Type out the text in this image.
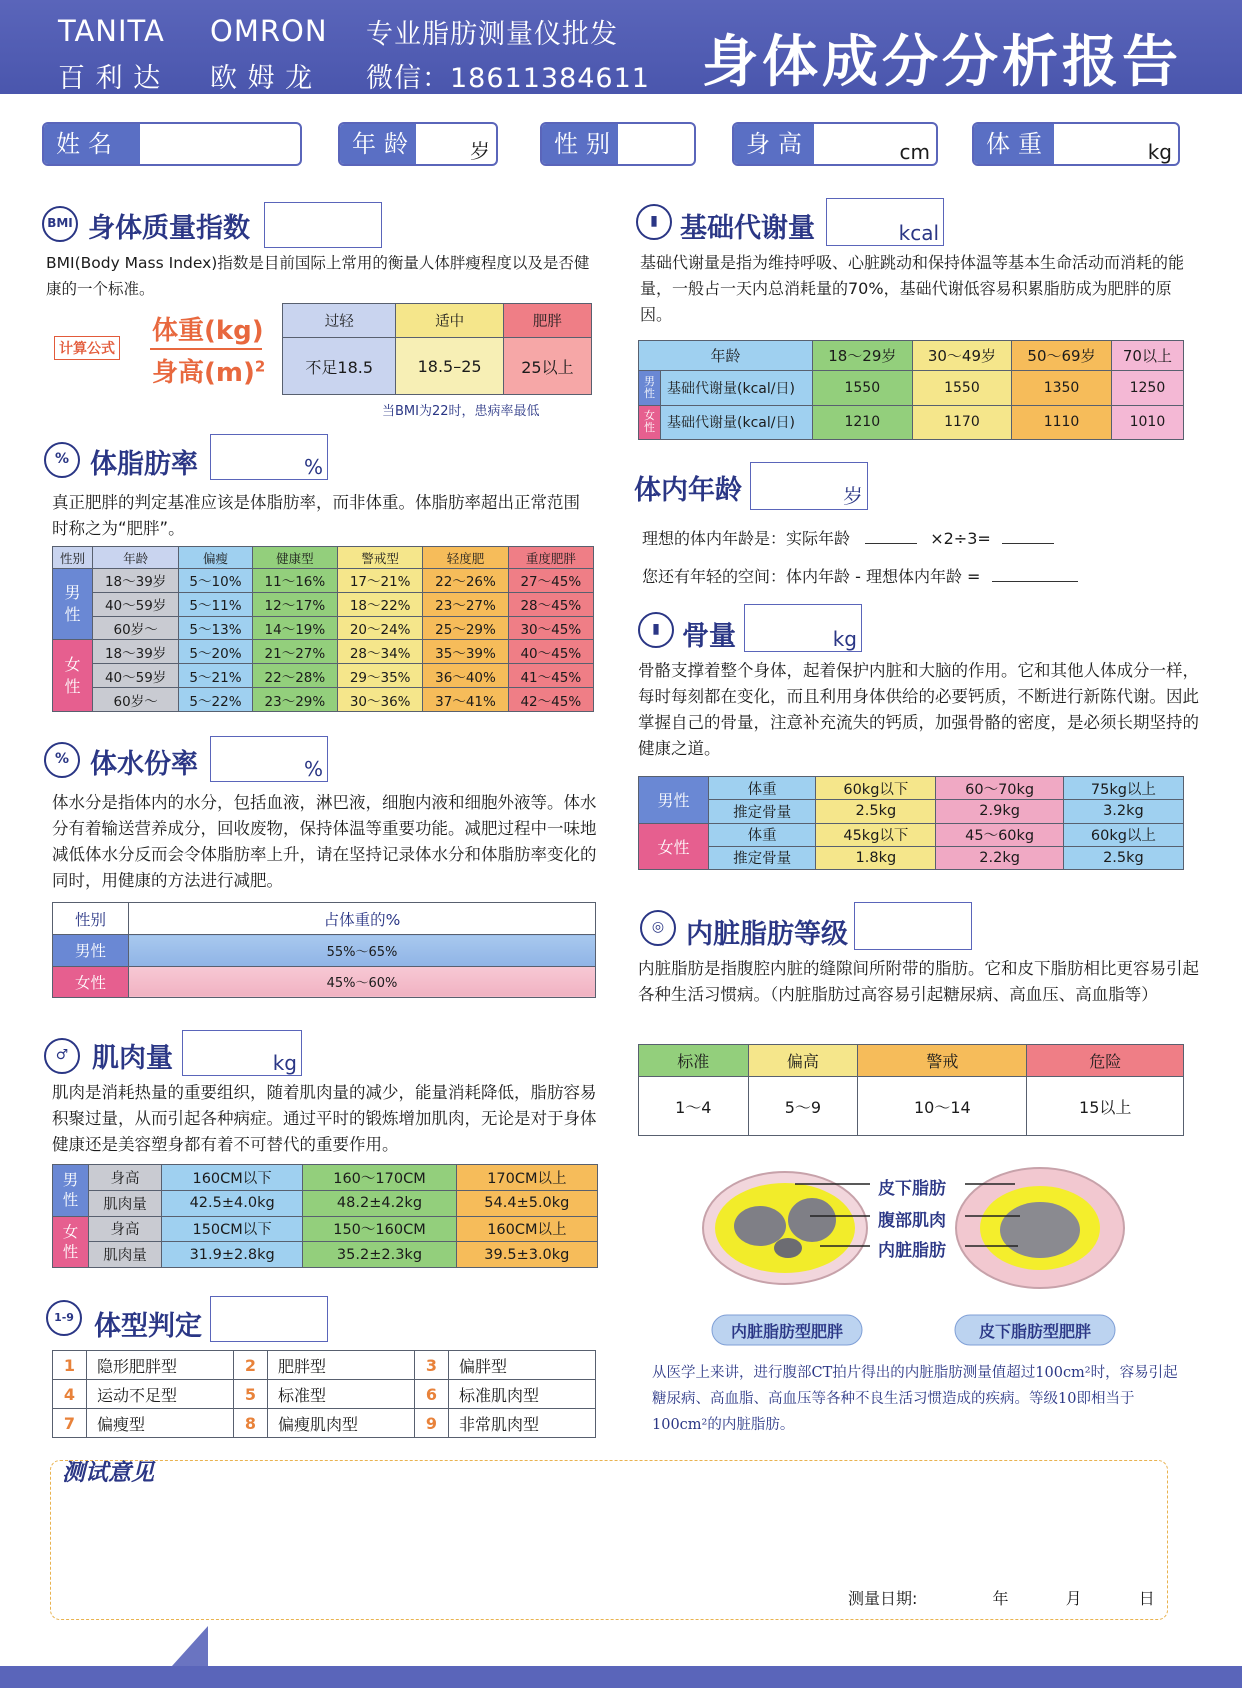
TANITA OMRON 专业脂肪测量仪批发
百 利 达 欧 姆 龙 微信：18611384611 身体成分分析报告
姓名	年龄	岁	性别	身高	cm	体重	kg
BMI 身体质量指数
BMI(Body Mass Index)指数是目前国际上常用的衡量人体胖瘦程度以及是否健康的一个标准。
计算公式
体重(kg)
身高$(m)^2$
过轻	适中	肥胖
不足18.5	18.5–25	25以上
当BMI为22时，患病率最低
% 体脂肪率	%
真正肥胖的判定基准应该是体脂肪率，而非体重。体脂肪率超出正常范围时称之为“肥胖”。
性别	年龄	偏瘦	健康型	警戒型	轻度肥	重度肥胖
男性	18～39岁	5～10%	11～16%	17～21%	22～26%	27～45%
	40～59岁	5～11%	12～17%	18～22%	23～27%	28～45%
	60岁～	5～13%	14～19%	20～24%	25～29%	30～45%
女性	18～39岁	5～20%	21～27%	28～34%	35～39%	40～45%
	40～59岁	5～21%	22～28%	29～35%	36～40%	41～45%
	60岁～	5～22%	23～29%	30～36%	37～41%	42～45%
% 体水份率	%
体水分是指体内的水分，包括血液，淋巴液，细胞内液和细胞外液等。体水分有着输送营养成分，回收废物，保持体温等重要功能。减肥过程中一味地减低体水分反而会令体脂肪率上升，请在坚持记录体水分和体脂肪率变化的同时，用健康的方法进行减肥。
性别	占体重的%
男性	55%～65%
女性	45%～60%
♂ 肌肉量	kg
肌肉是消耗热量的重要组织，随着肌肉量的减少，能量消耗降低，脂肪容易积聚过量，从而引起各种病症。通过平时的锻炼增加肌肉，无论是对于身体健康还是美容塑身都有着不可替代的重要作用。
男性	身高	160CM以下	160～170CM	170CM以上
	肌肉量	42.5±4.0kg	48.2±4.2kg	54.4±5.0kg
女性	身高	150CM以下	150～160CM	160CM以上
	肌肉量	31.9±2.8kg	35.2±2.3kg	39.5±3.0kg
1-9 体型判定
1	隐形肥胖型	2	肥胖型	3	偏胖型
4	运动不足型	5	标准型	6	标准肌肉型
7	偏瘦型	8	偏瘦肌肉型	9	非常肌肉型
▮ 基础代谢量	kcal
基础代谢量是指为维持呼吸、心脏跳动和保持体温等基本生命活动而消耗的能量，一般占一天内总消耗量的70%，基础代谢低容易积累脂肪成为肥胖的原因。
年龄		18～29岁	30～49岁	50～69岁	70以上
男性	基础代谢量(kcal/日)	1550	1550	1350	1250
女性	基础代谢量(kcal/日)	1210	1170	1110	1010
体内年龄	岁
理想的体内年龄是：实际年龄	×2÷3=
您还有年轻的空间：体内年龄 - 理想体内年龄 =
▮ 骨量	kg
骨骼支撑着整个身体，起着保护内脏和大脑的作用。它和其他人体成分一样，每时每刻都在变化，而且利用身体供给的必要钙质，不断进行新陈代谢。因此掌握自己的骨量，注意补充流失的钙质，加强骨骼的密度，是必须长期坚持的健康之道。
男性	体重	60kg以下	60～70kg	75kg以上
	推定骨量	2.5kg	2.9kg	3.2kg
女性	体重	45kg以下	45～60kg	60kg以上
	推定骨量	1.8kg	2.2kg	2.5kg
◎ 内脏脂肪等级
内脏脂肪是指腹腔内脏的缝隙间所附带的脂肪。它和皮下脂肪相比更容易引起各种生活习惯病。（内脏脂肪过高容易引起糖尿病、高血压、高血脂等）
标准	偏高	警戒	危险
1～4	5～9	10～14	15以上
皮下脂肪
腹部肌肉
内脏脂肪
内脏脂肪型肥胖	皮下脂肪型肥胖
从医学上来讲，进行腹部CT拍片得出的内脏脂肪测量值超过100cm²时，容易引起糖尿病、高血脂、高血压等各种不良生活习惯造成的疾病。等级10即相当于100cm²的内脏脂肪。
测试意见
测量日期:	年	月	日
